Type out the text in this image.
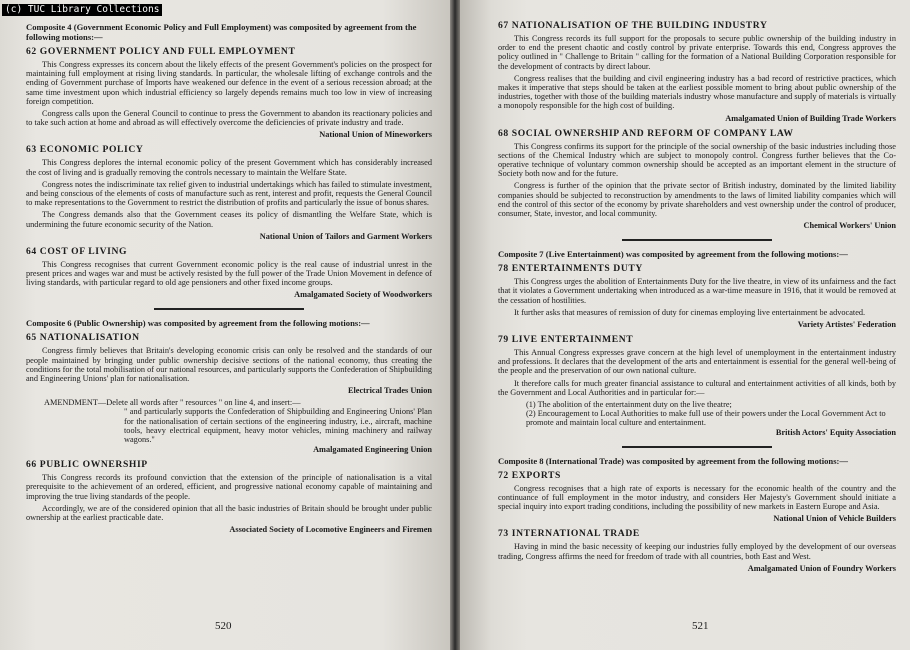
(c) TUC Library Collections
Composite 4 (Government Economic Policy and Full Employment) was composited by agreement from the following motions:—
62 GOVERNMENT POLICY AND FULL EMPLOYMENT

This Congress expresses its concern about the likely effects of the present Government's policies on the prospect for maintaining full employment at rising living standards. In particular, the wholesale lifting of exchange controls and the ending of Government purchase of Imports have weakened our defence in the event of a serious recession abroad; at the same time investment upon which industrial efficiency so largely depends remains much too low in view of increasing foreign competition.

Congress calls upon the General Council to continue to press the Government to abandon its reactionary policies and to take such action at home and abroad as will effectively overcome the deficiencies of private industry and trade.

National Union of Mineworkers
63 ECONOMIC POLICY

This Congress deplores the internal economic policy of the present Government which has considerably increased the cost of living and is gradually removing the controls necessary to maintain the Welfare State.

Congress notes the indiscriminate tax relief given to industrial undertakings which has failed to stimulate investment, and being conscious of the elements of costs of manufacture such as rent, interest and profit, requests the General Council to make representations to the Government to restrict the distribution of profits and particularly the issue of bonus shares.

The Congress demands also that the Government ceases its policy of dismantling the Welfare State, which is undermining the future economic security of the Nation.

National Union of Tailors and Garment Workers
64 COST OF LIVING

This Congress recognises that current Government economic policy is the real cause of industrial unrest in the present prices and wages war and must be actively resisted by the full power of the Trade Union Movement in defence of living standards, with particular regard to old age pensioners and other fixed income groups.

Amalgamated Society of Woodworkers
Composite 6 (Public Ownership) was composited by agreement from the following motions:—
65 NATIONALISATION

Congress firmly believes that Britain's developing economic crisis can only be resolved and the standards of our people maintained by bringing under public ownership decisive sections of the national economy, thus creating the conditions for the total mobilisation of our national resources, and particularly supports the Confederation of Shipbuilding and Engineering Unions' plan for nationalisation.

Electrical Trades Union
AMENDMENT—Delete all words after " resources " on line 4, and insert:—
" and particularly supports the Confederation of Shipbuilding and Engineering Unions' Plan for the nationalisation of certain sections of the engineering industry, i.e., aircraft, machine tools, heavy electrical equipment, heavy motor vehicles, mining machinery and railway wagons."
Amalgamated Engineering Union
66 PUBLIC OWNERSHIP

This Congress records its profound conviction that the extension of the principle of nationalisation is a vital prerequisite to the achievement of an ordered, efficient, and progressive national economy capable of maintaining and improving the true living standards of the people.

Accordingly, we are of the considered opinion that all the basic industries of Britain should be brought under public ownership at the earliest practicable date.

Associated Society of Locomotive Engineers and Firemen
520
67 NATIONALISATION OF THE BUILDING INDUSTRY

This Congress records its full support for the proposals to secure public ownership of the building industry in order to end the present chaotic and costly control by private enterprise. Towards this end, Congress approves the policy outlined in " Challenge to Britain " calling for the formation of a National Building Corporation responsible for the development of contracts by direct labour.

Congress realises that the building and civil engineering industry has a bad record of restrictive practices, which makes it imperative that steps should be taken at the earliest possible moment to bring about public ownership of the industries, together with those of the building materials industry whose manufacture and supply of materials is virtually a monopoly responsible for the high cost of building.

Amalgamated Union of Building Trade Workers
68 SOCIAL OWNERSHIP AND REFORM OF COMPANY LAW

This Congress confirms its support for the principle of the social ownership of the basic industries including those sections of the Chemical Industry which are subject to monopoly control. Congress further believes that the Co-operative technique of voluntary common ownership should be accepted as an important element in the structure of Society both now and for the future.

Congress is further of the opinion that the private sector of British industry, dominated by the limited liability companies should be subjected to reconstruction by amendments to the laws of limited liability companies which will end the control of this sector of the economy by private shareholders and vest ownership under the control of producer, consumer, State, investor, and local community.

Chemical Workers' Union
Composite 7 (Live Entertainment) was composited by agreement from the following motions:—
78 ENTERTAINMENTS DUTY

This Congress urges the abolition of Entertainments Duty for the live theatre, in view of its unfairness and the fact that it violates a Government undertaking when introduced as a war-time measure in 1916, that it would be removed at the cessation of hostilities.

It further asks that measures of remission of duty for cinemas employing live entertainment be advocated.

Variety Artistes' Federation
79 LIVE ENTERTAINMENT

This Annual Congress expresses grave concern at the high level of unemployment in the entertainment industry and professions. It declares that the development of the arts and entertainment is essential for the general well-being of the people and the preservation of our own national culture.

It therefore calls for much greater financial assistance to cultural and entertainment activities of all kinds, both by the Government and Local Authorities and in particular for:—

(1) The abolition of the entertainment duty on the live theatre;
(2) Encouragement to Local Authorities to make full use of their powers under the Local Government Act to promote and maintain local culture and entertainment.
British Actors' Equity Association
Composite 8 (International Trade) was composited by agreement from the following motions:—
72 EXPORTS

Congress recognises that a high rate of exports is necessary for the economic health of the country and the continuance of full employment in the motor industry, and considers Her Majesty's Government should initiate a special inquiry into export trading conditions, including the possibility of new markets in Eastern Europe and Asia.

National Union of Vehicle Builders
73 INTERNATIONAL TRADE

Having in mind the basic necessity of keeping our industries fully employed by the development of our overseas trading, Congress affirms the need for freedom of trade with all countries, both East and West.

Amalgamated Union of Foundry Workers
521
